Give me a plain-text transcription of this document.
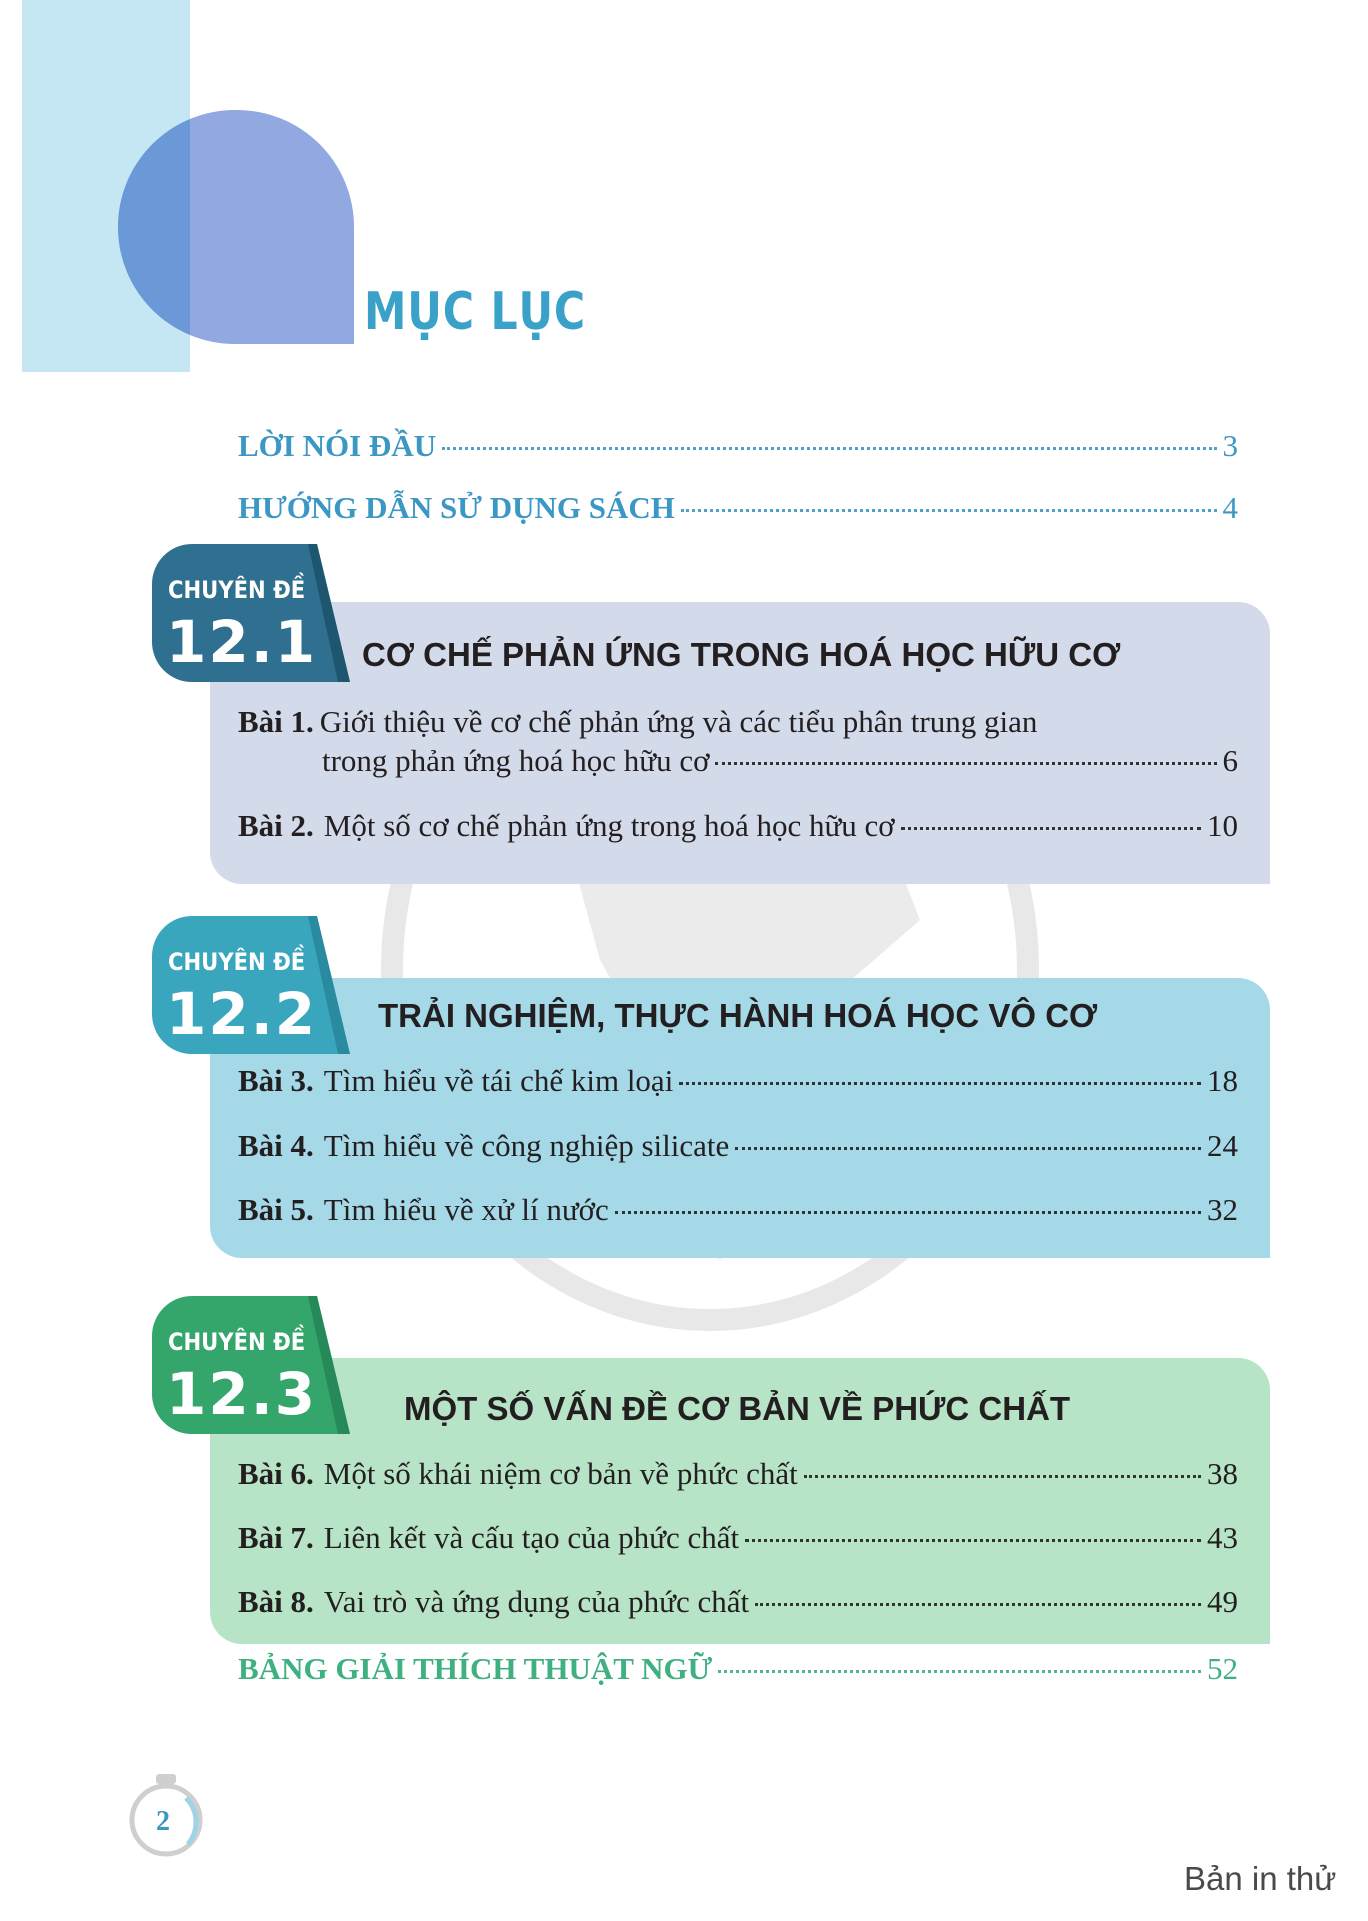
MỤC LỤC
LỜI NÓI ĐẦU	3
HƯỚNG DẪN SỬ DỤNG SÁCH	4
CHUYÊN ĐỀ
12.1 CƠ CHẾ PHẢN ỨNG TRONG HOÁ HỌC HỮU CƠ
Bài 1. Giới thiệu về cơ chế phản ứng và các tiểu phân trung gian
trong phản ứng hoá học hữu cơ	6
Bài 2. Một số cơ chế phản ứng trong hoá học hữu cơ	10
CHUYÊN ĐỀ
12.2 TRẢI NGHIỆM, THỰC HÀNH HOÁ HỌC VÔ CƠ
Bài 3. Tìm hiểu về tái chế kim loại	18
Bài 4. Tìm hiểu về công nghiệp silicate	24
Bài 5. Tìm hiểu về xử lí nước	32
CHUYÊN ĐỀ
12.3	MỘT SỐ VẤN ĐỀ CƠ BẢN VỀ PHỨC CHẤT
Bài 6. Một số khái niệm cơ bản về phức chất	38
Bài 7. Liên kết và cấu tạo của phức chất	43
Bài 8. Vai trò và ứng dụng của phức chất	49
BẢNG GIẢI THÍCH THUẬT NGỮ	52
2
Bản in thử
